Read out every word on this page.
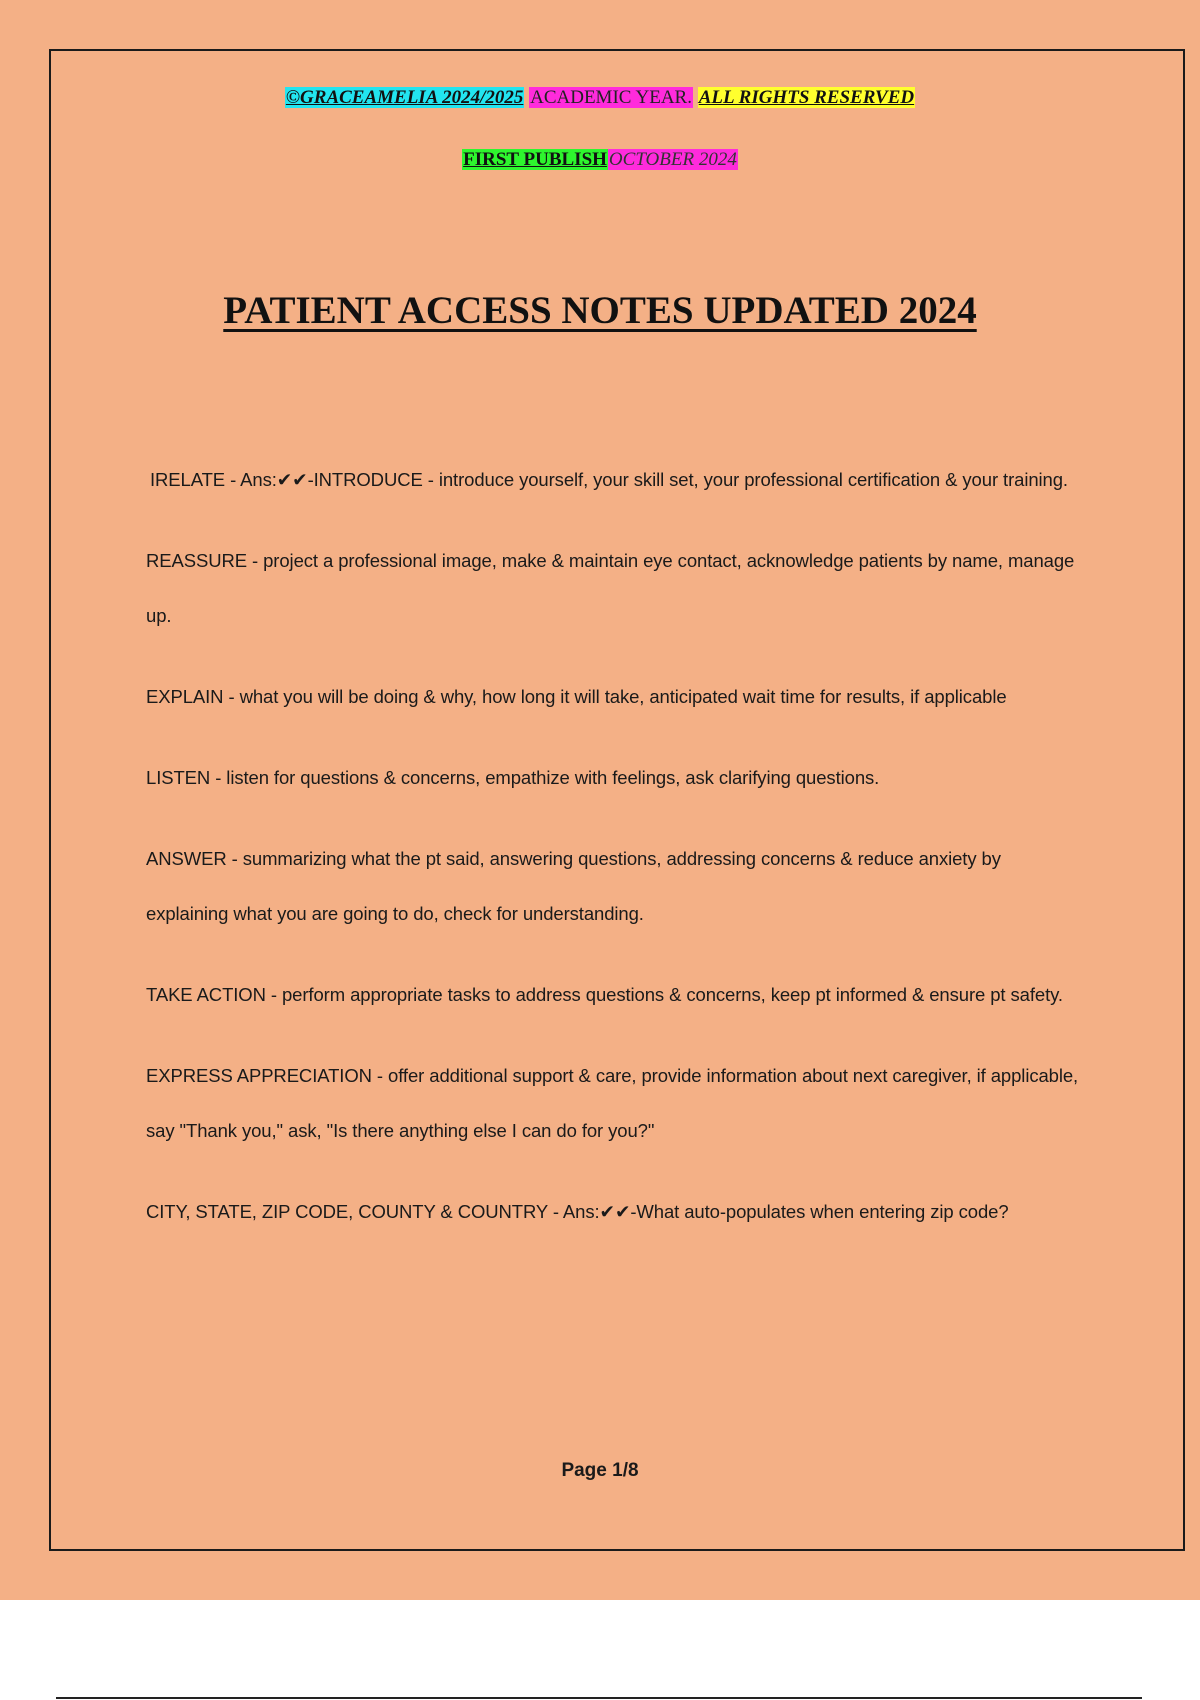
©GRACEAMELIA 2024/2025 ACADEMIC YEAR. ALL RIGHTS RESERVED
FIRST PUBLISH OCTOBER 2024
PATIENT ACCESS NOTES UPDATED 2024

IRELATE - Ans:✔✔-INTRODUCE - introduce yourself, your skill set, your professional certification & your training.

REASSURE - project a professional image, make & maintain eye contact, acknowledge patients by name, manage up.

EXPLAIN - what you will be doing & why, how long it will take, anticipated wait time for results, if applicable

LISTEN - listen for questions & concerns, empathize with feelings, ask clarifying questions.

ANSWER - summarizing what the pt said, answering questions, addressing concerns & reduce anxiety by explaining what you are going to do, check for understanding.

TAKE ACTION - perform appropriate tasks to address questions & concerns, keep pt informed & ensure pt safety.

EXPRESS APPRECIATION - offer additional support & care, provide information about next caregiver, if applicable, say "Thank you," ask, "Is there anything else I can do for you?"

CITY, STATE, ZIP CODE, COUNTY & COUNTRY - Ans:✔✔-What auto-populates when entering zip code?

Page 1/8
